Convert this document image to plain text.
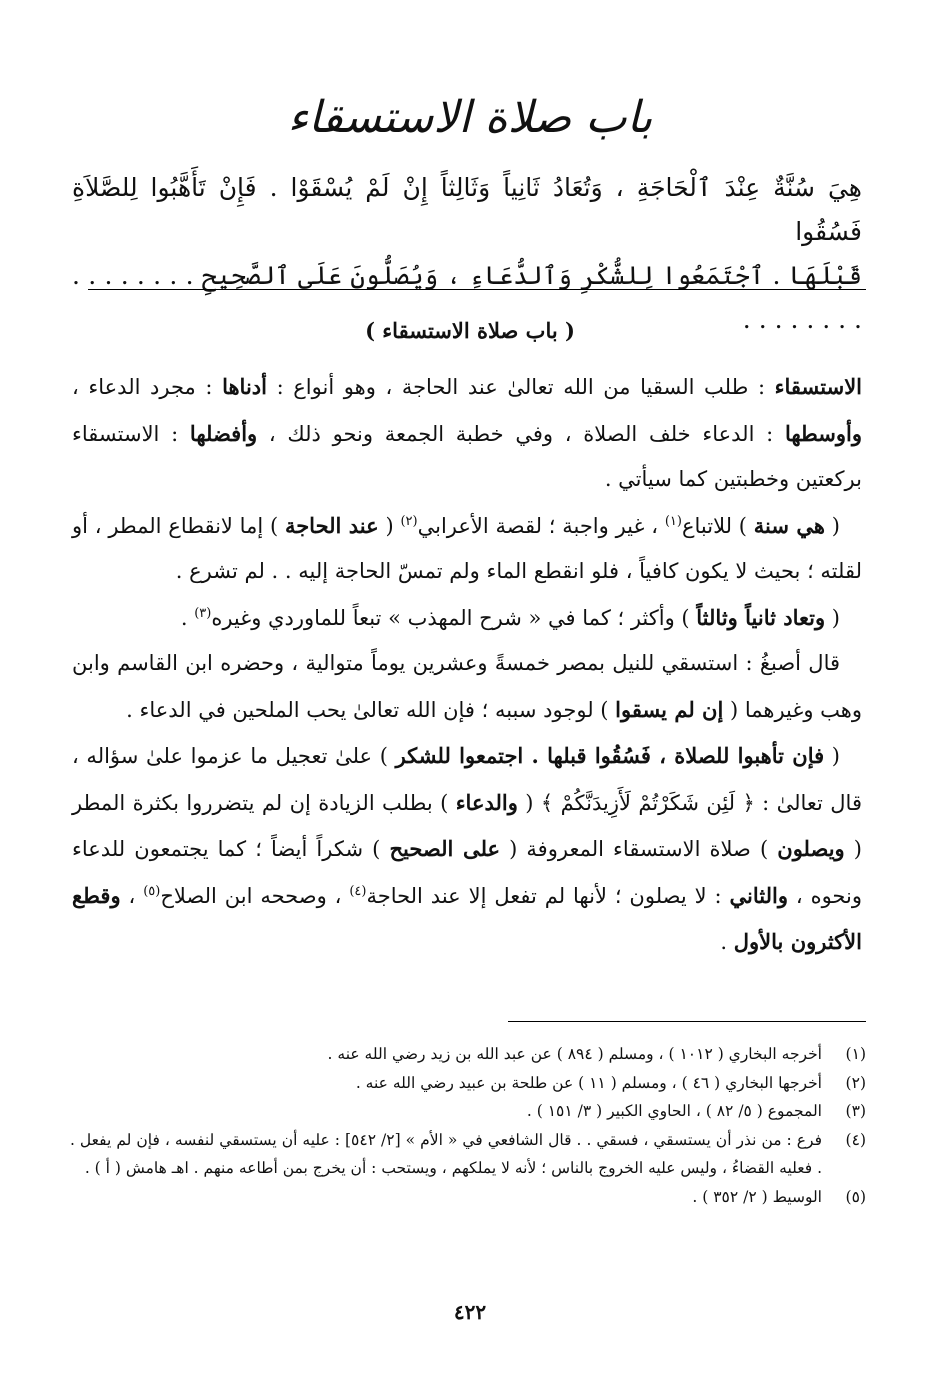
باب صلاة الاستسقاء

هِيَ سُنَّةٌ عِنْدَ ٱلْحَاجَةِ ، وَتُعَادُ ثَانِياً وَثَالِثاً إِنْ لَمْ يُسْقَوْا . فَإِنْ تَأَهَّبُوا لِلصَّلاَةِ فَسُقُوا

قَبْلَهَا . ٱجْتَمَعُوا لِلشُّكْرِ وَٱلدُّعَاءِ ، وَيُصَلُّونَ عَلَى ٱلصَّحِيحِ . . . . . . . . . . . . . . . .

( باب صلاة الاستسقاء )

الاستسقاء : طلب السقيا من الله تعالىٰ عند الحاجة ، وهو أنواع : أدناها : مجرد الدعاء ، وأوسطها : الدعاء خلف الصلاة ، وفي خطبة الجمعة ونحو ذلك ، وأفضلها : الاستسقاء بركعتين وخطبتين كما سيأتي .

( هي سنة ) للاتباع$^{(١)}$ ، غير واجبة ؛ لقصة الأعرابي$^{(٢)}$ ( عند الحاجة ) إما لانقطاع المطر ، أو لقلته ؛ بحيث لا يكون كافياً ، فلو انقطع الماء ولم تمسّ الحاجة إليه . . لم تشرع .

( وتعاد ثانياً وثالثاً ) وأكثر ؛ كما في « شرح المهذب » تبعاً للماوردي وغيره$^{(٣)}$ .

قال أصبغُ : استسقي للنيل بمصر خمسةً وعشرين يوماً متوالية ، وحضره ابن القاسم وابن وهب وغيرهما ( إن لم يسقوا ) لوجود سببه ؛ فإن الله تعالىٰ يحب الملحين في الدعاء .

( فإن تأهبوا للصلاة ، فَسُقُوا قبلها . اجتمعوا للشكر ) علىٰ تعجيل ما عزموا علىٰ سؤاله ، قال تعالىٰ : ﴿ لَئِن شَكَرْتُمْ لَأَزِيدَنَّكُمْ ﴾ ( والدعاء ) بطلب الزيادة إن لم يتضرروا بكثرة المطر ( ويصلون ) صلاة الاستسقاء المعروفة ( على الصحيح ) شكراً أيضاً ؛ كما يجتمعون للدعاء ونحوه ، والثاني : لا يصلون ؛ لأنها لم تفعل إلا عند الحاجة$^{(٤)}$ ، وصححه ابن الصلاح$^{(٥)}$ ، وقطع الأكثرون بالأول .

(١)
أخرجه البخاري ( ١٠١٢ ) ، ومسلم ( ٨٩٤ ) عن عبد الله بن زيد رضي الله عنه .
(٢)
أخرجها البخاري ( ٤٦ ) ، ومسلم ( ١١ ) عن طلحة بن عبيد رضي الله عنه .
(٣)
المجموع ( ٥/ ٨٢ ) ، الحاوي الكبير ( ٣/ ١٥١ ) .
(٤)
فرع : من نذر أن يستسقي ، فسقي . . قال الشافعي في « الأم » [٢/ ٥٤٢] : عليه أن يستسقي لنفسه ، فإن لم يفعل . . فعليه القضاءُ ، وليس عليه الخروج بالناس ؛ لأنه لا يملكهم ، ويستحب : أن يخرج بمن أطاعه منهم . اهـ هامش ( أ ) .
(٥)
الوسيط ( ٢/ ٣٥٢ ) .
٤٢٢
